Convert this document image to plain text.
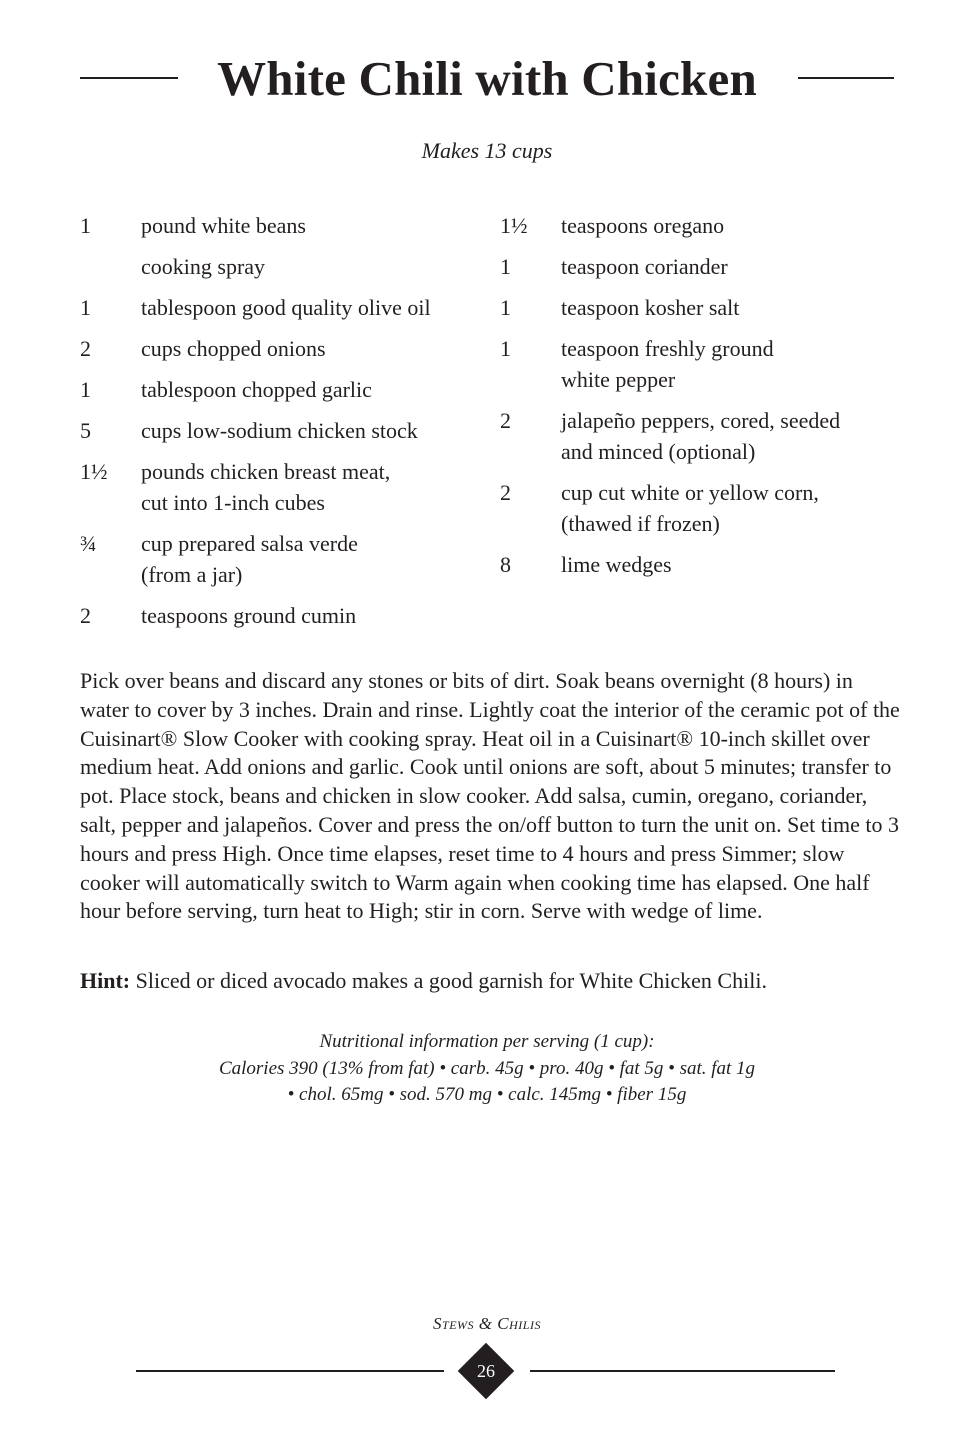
White Chili with Chicken
Makes 13 cups
1	pound white beans
cooking spray
1	tablespoon good quality olive oil
2	cups chopped onions
1	tablespoon chopped garlic
5	cups low-sodium chicken stock
1½	pounds chicken breast meat,
cut into 1-inch cubes
¾	cup prepared salsa verde
(from a jar)
2	teaspoons ground cumin
1½	teaspoons oregano
1	teaspoon coriander
1	teaspoon kosher salt
1	teaspoon freshly ground
white pepper
2	jalapeño peppers, cored, seeded
and minced (optional)
2	cup cut white or yellow corn,
(thawed if frozen)
8	lime wedges

Pick over beans and discard any stones or bits of dirt. Soak beans overnight (8 hours) in water to cover by 3 inches. Drain and rinse. Lightly coat the interior of the ceramic pot of the Cuisinart® Slow Cooker with cooking spray. Heat oil in a Cuisinart® 10-inch skillet over medium heat. Add onions and garlic. Cook until onions are soft, about 5 minutes; transfer to pot. Place stock, beans and chicken in slow cooker. Add salsa, cumin, oregano, coriander, salt, pepper and jalapeños. Cover and press the on/off button to turn the unit on. Set time to 3 hours and press High. Once time elapses, reset time to 4 hours and press Simmer; slow cooker will automatically switch to Warm again when cooking time has elapsed. One half hour before serving, turn heat to High; stir in corn. Serve with wedge of lime.

Hint: Sliced or diced avocado makes a good garnish for White Chicken Chili.

Nutritional information per serving (1 cup):
Calories 390 (13% from fat) • carb. 45g • pro. 40g • fat 5g • sat. fat 1g
• chol. 65mg • sod. 570 mg • calc. 145mg • fiber 15g
Stews & Chilis
26
